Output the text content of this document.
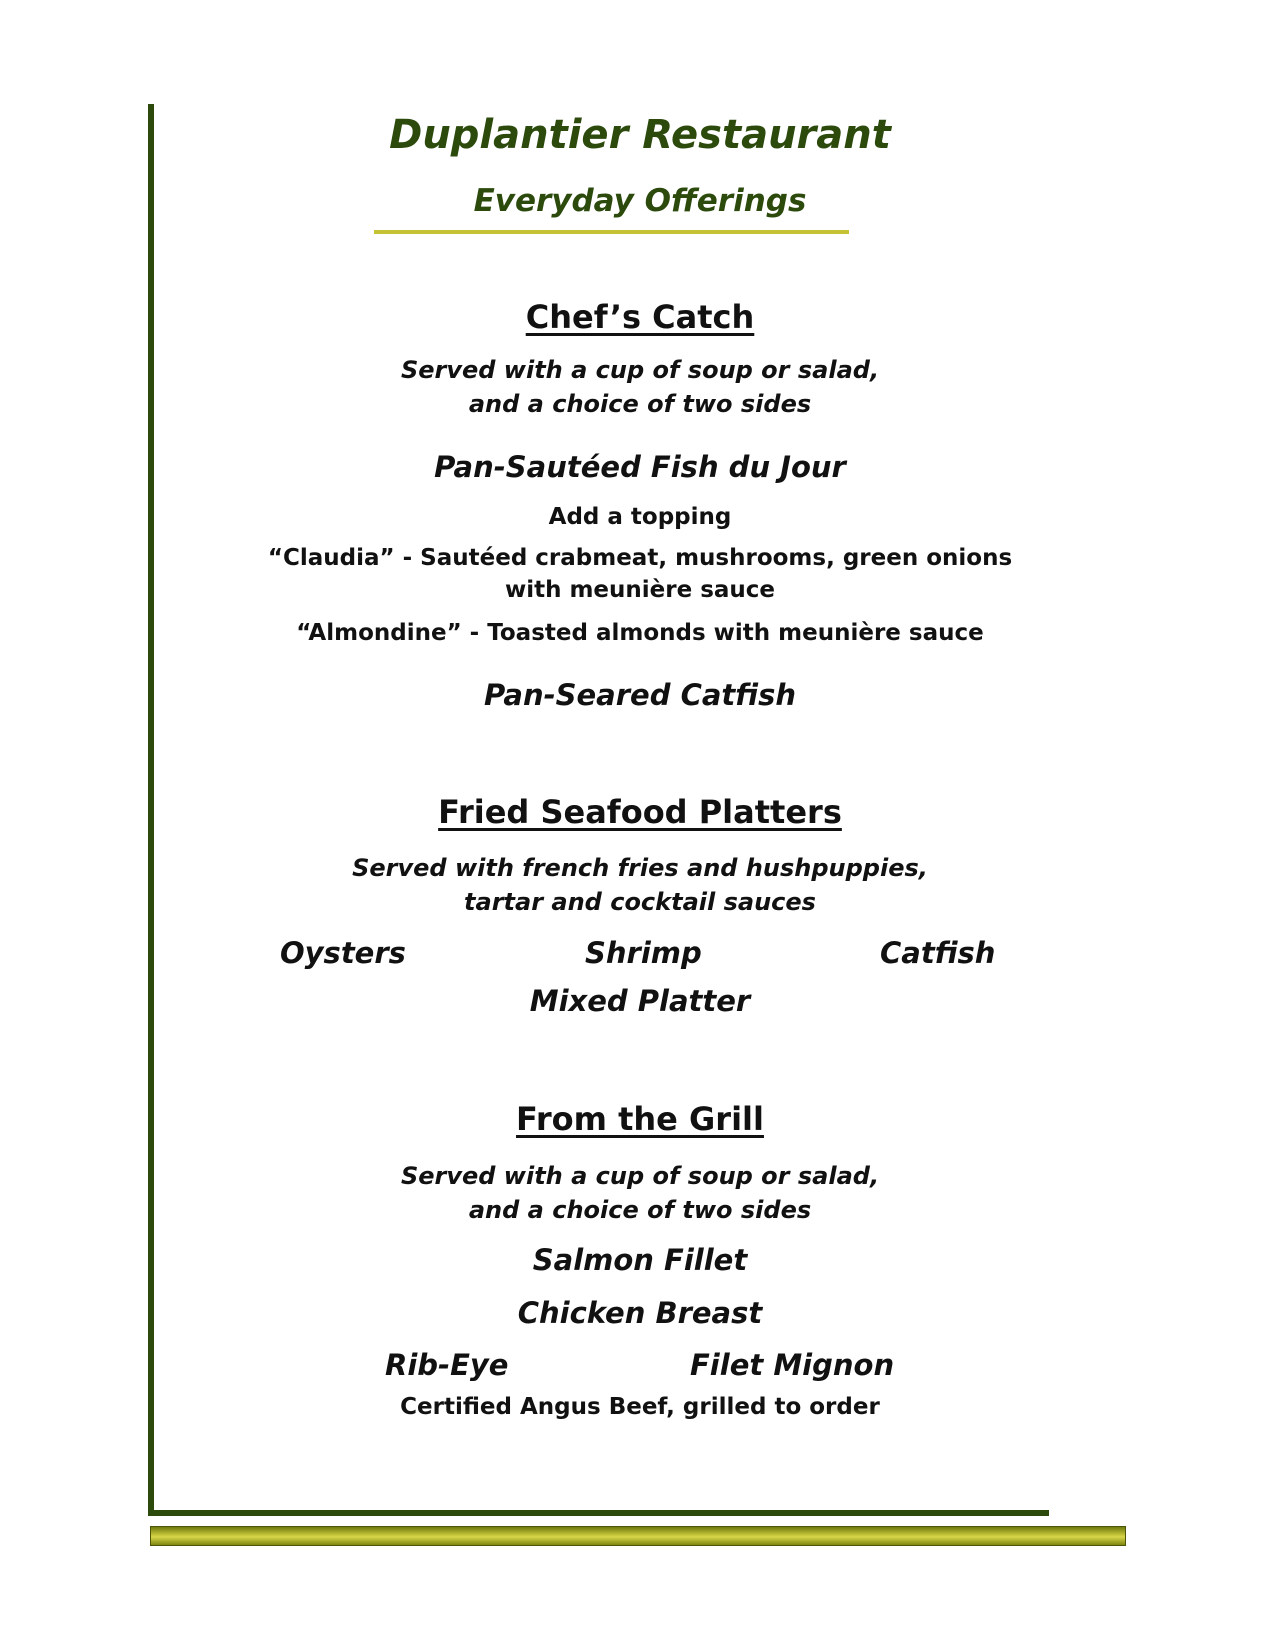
Duplantier Restaurant
Everyday Offerings
Chef’s Catch
Served with a cup of soup or salad,
and a choice of two sides
Pan-Sautéed Fish du Jour
Add a topping
“Claudia” - Sautéed crabmeat, mushrooms, green onions
with meunière sauce
“Almondine” - Toasted almonds with meunière sauce
Pan-Seared Catfish
Fried Seafood Platters
Served with french fries and hushpuppies,
tartar and cocktail sauces
Oysters	Shrimp	Catfish
Mixed Platter
From the Grill
Served with a cup of soup or salad,
and a choice of two sides
Salmon Fillet
Chicken Breast
Rib-Eye	Filet Mignon
Certified Angus Beef, grilled to order
